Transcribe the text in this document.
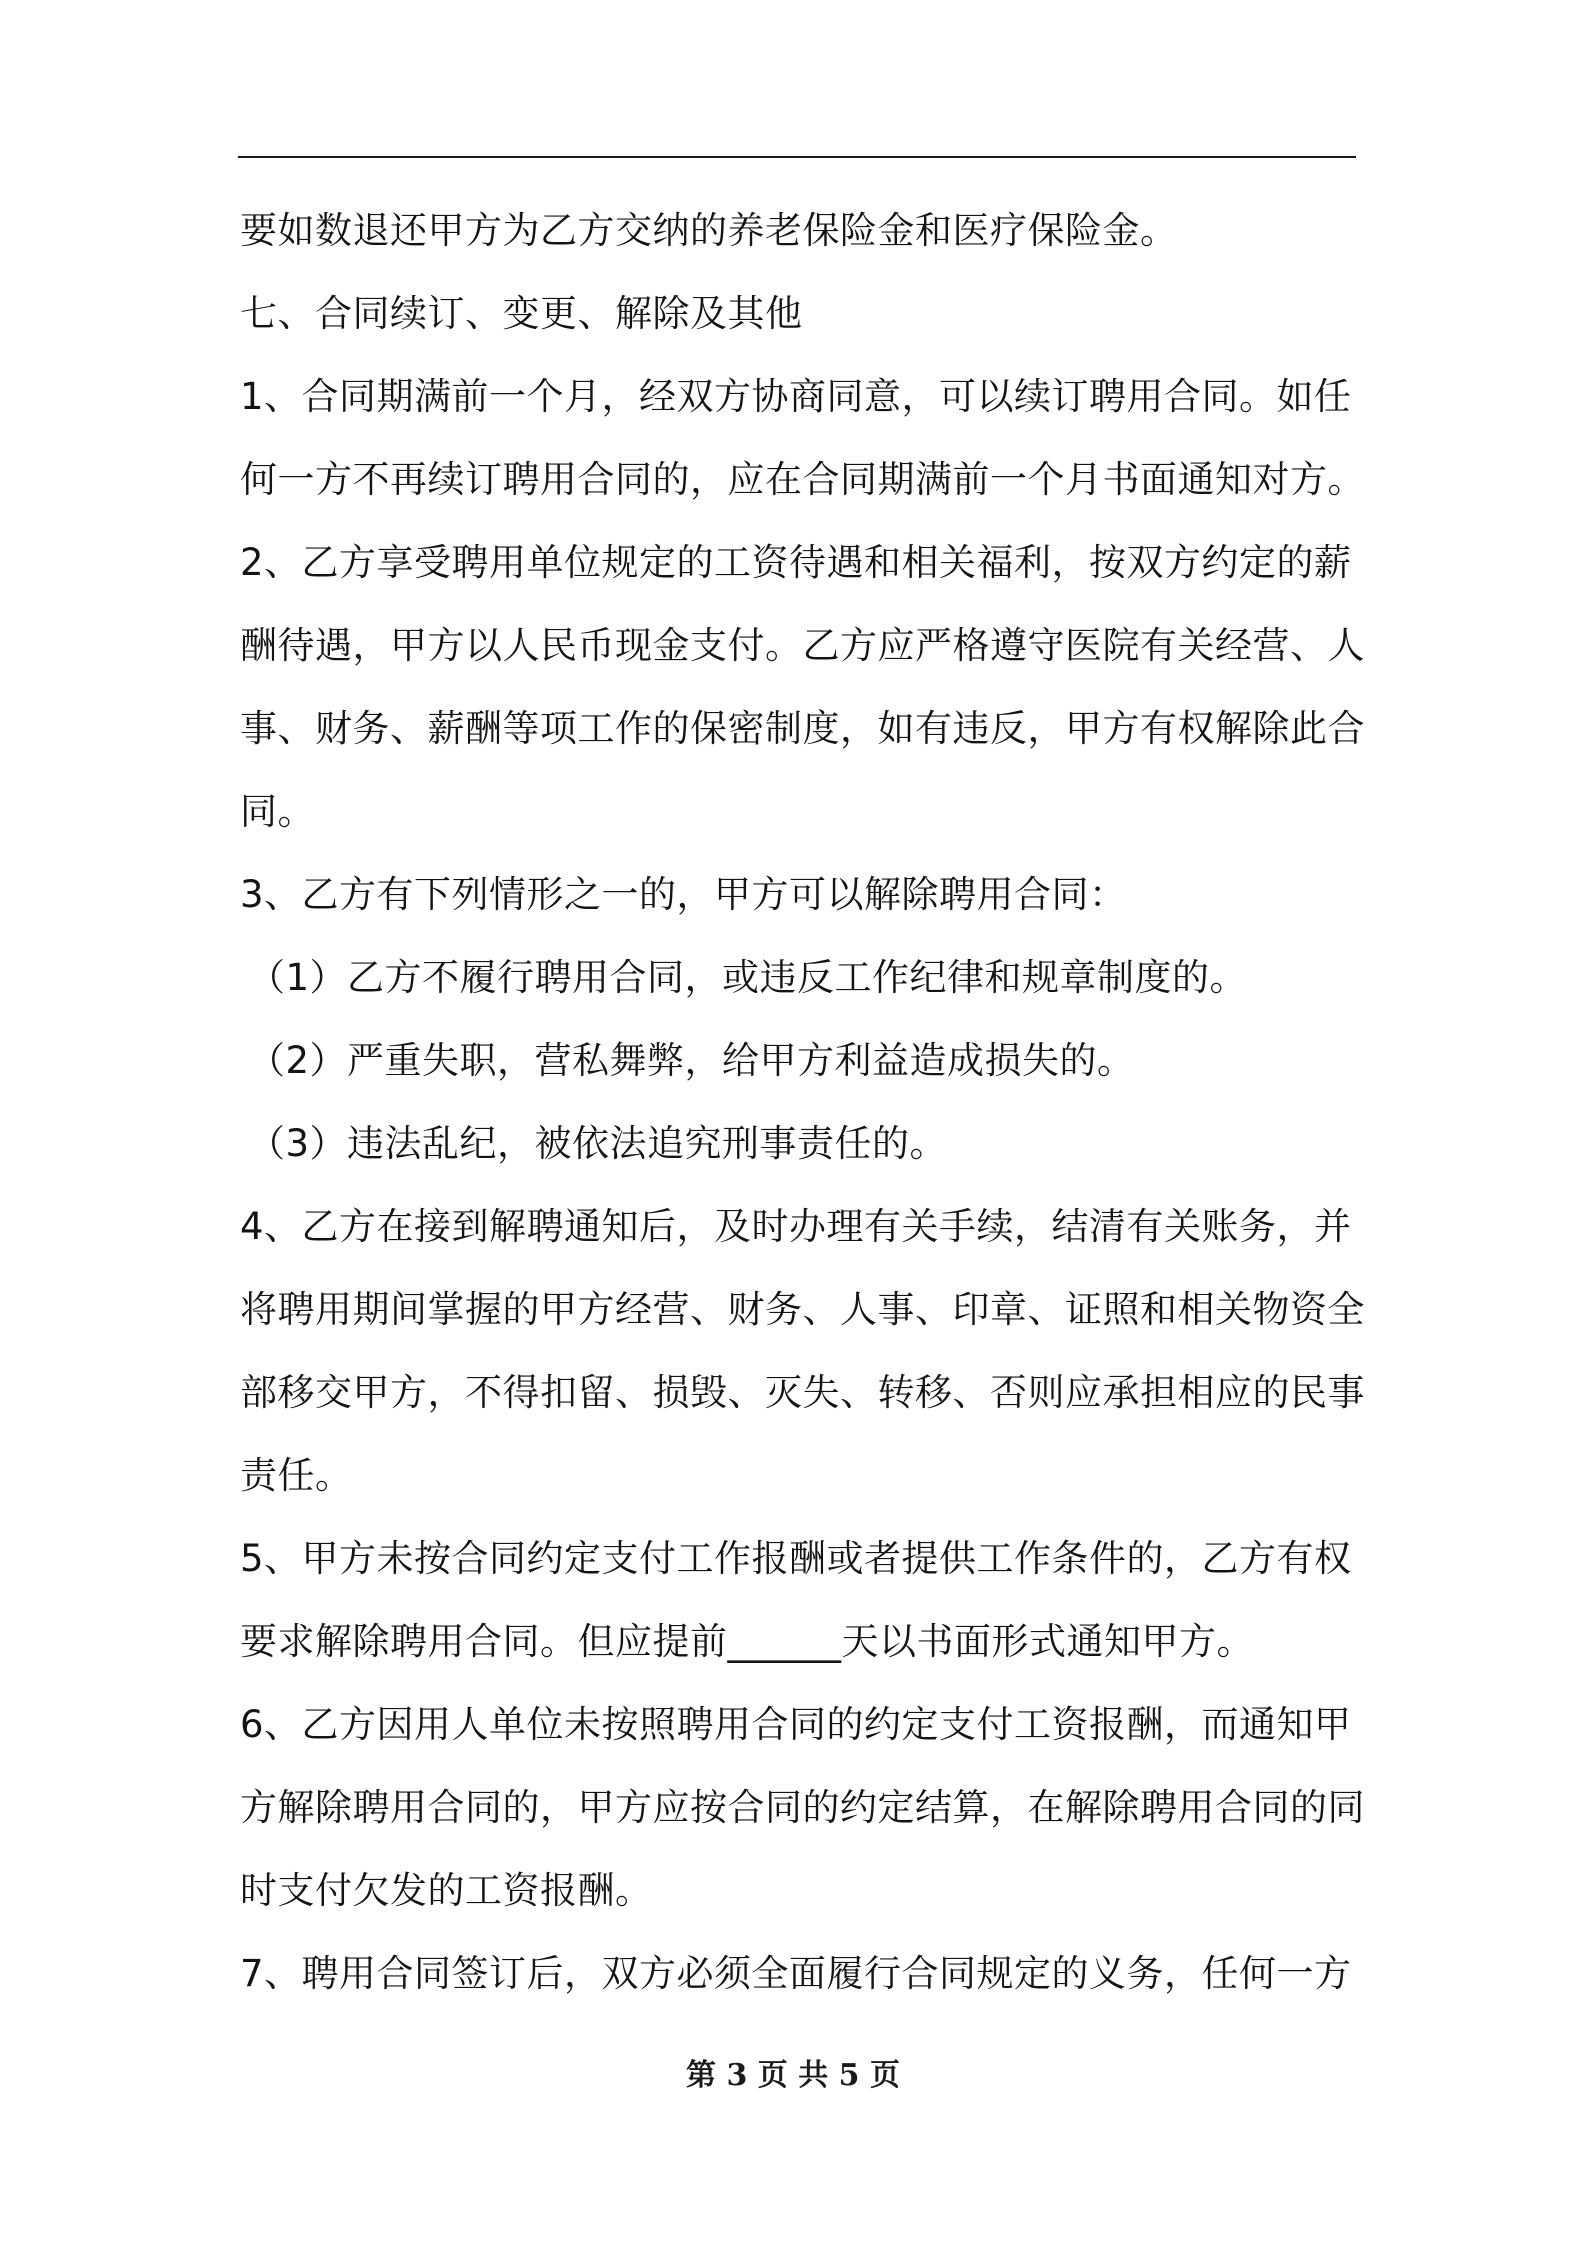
要如数退还甲方为乙方交纳的养老保险金和医疗保险金。
七、合同续订、变更、解除及其他
1、合同期满前一个月，经双方协商同意，可以续订聘用合同。如任
何一方不再续订聘用合同的，应在合同期满前一个月书面通知对方。
2、乙方享受聘用单位规定的工资待遇和相关福利，按双方约定的薪
酬待遇，甲方以人民币现金支付。乙方应严格遵守医院有关经营、人
事、财务、薪酬等项工作的保密制度，如有违反，甲方有权解除此合
同。
3、乙方有下列情形之一的，甲方可以解除聘用合同：
（1）乙方不履行聘用合同，或违反工作纪律和规章制度的。
（2）严重失职，营私舞弊，给甲方利益造成损失的。
（3）违法乱纪，被依法追究刑事责任的。
4、乙方在接到解聘通知后，及时办理有关手续，结清有关账务，并
将聘用期间掌握的甲方经营、财务、人事、印章、证照和相关物资全
部移交甲方，不得扣留、损毁、灭失、转移、否则应承担相应的民事
责任。
5、甲方未按合同约定支付工作报酬或者提供工作条件的，乙方有权
要求解除聘用合同。但应提前______天以书面形式通知甲方。
6、乙方因用人单位未按照聘用合同的约定支付工资报酬，而通知甲
方解除聘用合同的，甲方应按合同的约定结算，在解除聘用合同的同
时支付欠发的工资报酬。
7、聘用合同签订后，双方必须全面履行合同规定的义务，任何一方
第 3 页 共 5 页
